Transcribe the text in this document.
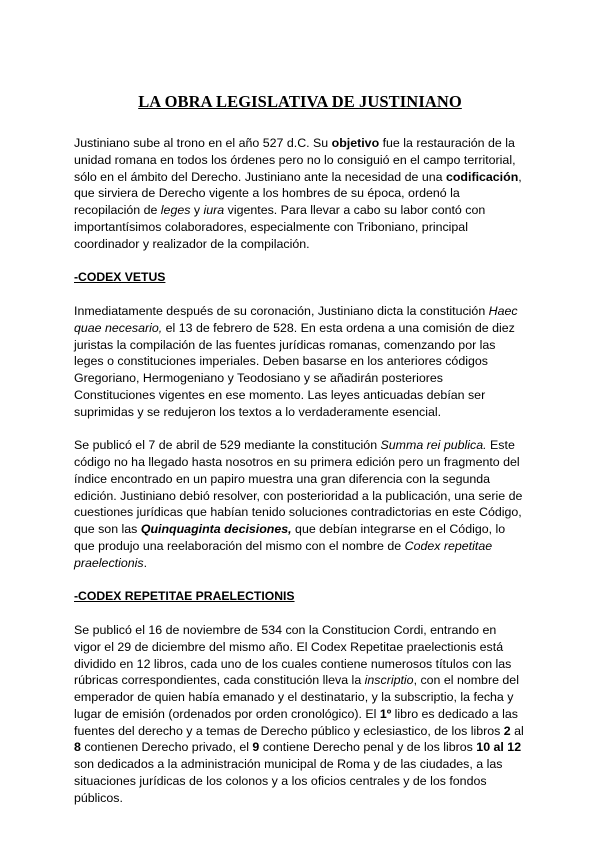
LA OBRA LEGISLATIVA DE JUSTINIANO

Justiniano sube al trono en el año 527 d.C. Su objetivo fue la restauración de la unidad romana en todos los órdenes pero no lo consiguió en el campo territorial, sólo en el ámbito del Derecho. Justiniano ante la necesidad de una codificación, que sirviera de Derecho vigente a los hombres de su época, ordenó la recopilación de leges y iura vigentes. Para llevar a cabo su labor contó con importantísimos colaboradores, especialmente con Triboniano, principal coordinador y realizador de la compilación.

-CODEX VETUS

Inmediatamente después de su coronación, Justiniano dicta la constitución Haec quae necesario, el 13 de febrero de 528. En esta ordena a una comisión de diez juristas la compilación de las fuentes jurídicas romanas, comenzando por las leges o constituciones imperiales. Deben basarse en los anteriores códigos Gregoriano, Hermogeniano y Teodosiano y se añadirán posteriores Constituciones vigentes en ese momento. Las leyes anticuadas debían ser suprimidas y se redujeron los textos a lo verdaderamente esencial.

Se publicó el 7 de abril de 529 mediante la constitución Summa rei publica. Este código no ha llegado hasta nosotros en su primera edición pero un fragmento del índice encontrado en un papiro muestra una gran diferencia con la segunda edición. Justiniano debió resolver, con posterioridad a la publicación, una serie de cuestiones jurídicas que habían tenido soluciones contradictorias en este Código, que son las Quinquaginta decisiones, que debían integrarse en el Código, lo que produjo una reelaboración del mismo con el nombre de Codex repetitae praelectionis.

-CODEX REPETITAE PRAELECTIONIS

Se publicó el 16 de noviembre de 534 con la Constitucion Cordi, entrando en vigor el 29 de diciembre del mismo año. El Codex Repetitae praelectionis está dividido en 12 libros, cada uno de los cuales contiene numerosos títulos con las rúbricas correspondientes, cada constitución lleva la inscriptio, con el nombre del emperador de quien había emanado y el destinatario, y la subscriptio, la fecha y lugar de emisión (ordenados por orden cronológico). El 1º libro es dedicado a las fuentes del derecho y a temas de Derecho público y eclesiastico, de los libros 2 al 8 contienen Derecho privado, el 9 contiene Derecho penal y de los libros 10 al 12 son dedicados a la administración municipal de Roma y de las ciudades, a las situaciones jurídicas de los colonos y a los oficios centrales y de los fondos públicos.
